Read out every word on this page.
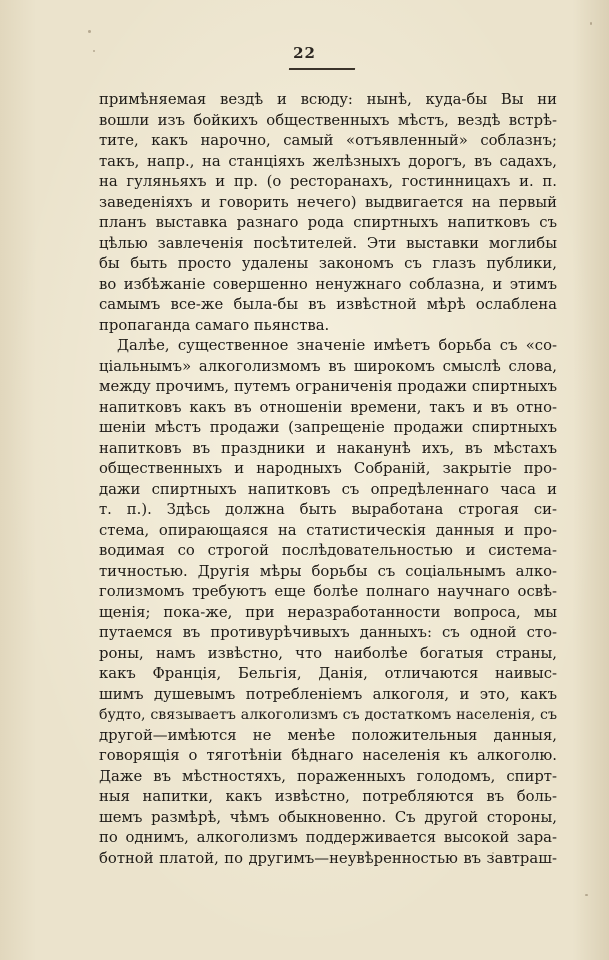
22
примѣняемая вездѣ и всюду: нынѣ, куда-бы Вы ни
вошли изъ бойкихъ общественныхъ мѣстъ, вездѣ встрѣ-
тите, какъ нарочно, самый «отъявленный» соблазнъ;
такъ, напр., на станціяхъ желѣзныхъ дорогъ, въ садахъ,
на гуляньяхъ и пр. (о ресторанахъ, гостинницахъ и. п.
заведеніяхъ и говорить нечего) выдвигается на первый
планъ выставка разнаго рода спиртныхъ напитковъ съ
цѣлью завлеченія посѣтителей. Эти выставки моглибы
бы быть просто удалены закономъ съ глазъ публики,
во избѣжаніе совершенно ненужнаго соблазна, и этимъ
самымъ все-же была-бы въ извѣстной мѣрѣ ослаблена
пропаганда самаго пьянства.
Далѣе, существенное значеніе имѣетъ борьба съ «со-
ціальнымъ» алкоголизмомъ въ широкомъ смыслѣ слова,
между прочимъ, путемъ ограниченія продажи спиртныхъ
напитковъ какъ въ отношеніи времени, такъ и въ отно-
шеніи мѣстъ продажи (запрещеніе продажи спиртныхъ
напитковъ въ праздники и наканунѣ ихъ, въ мѣстахъ
общественныхъ и народныхъ Собраній, закрытіе про-
дажи спиртныхъ напитковъ съ опредѣленнаго часа и
т. п.). Здѣсь должна быть выработана строгая си-
стема, опирающаяся на статистическія данныя и про-
водимая со строгой послѣдовательностью и система-
тичностью. Другія мѣры борьбы съ соціальнымъ алко-
голизмомъ требуютъ еще болѣе полнаго научнаго освѣ-
щенія; пока-же, при неразработанности вопроса, мы
путаемся въ противурѣчивыхъ данныхъ: съ одной сто-
роны, намъ извѣстно, что наиболѣе богатыя страны,
какъ Франція, Бельгія, Данія, отличаются наивыс-
шимъ душевымъ потребленіемъ алкоголя, и это, какъ
будто, связываетъ алкоголизмъ съ достаткомъ населенія, съ
другой—имѣются не менѣе положительныя данныя,
говорящія о тяготѣніи бѣднаго населенія къ алкоголю.
Даже въ мѣстностяхъ, пораженныхъ голодомъ, спирт-
ныя напитки, какъ извѣстно, потребляются въ боль-
шемъ размѣрѣ, чѣмъ обыкновенно. Съ другой стороны,
по однимъ, алкоголизмъ поддерживается высокой зара-
ботной платой, по другимъ—неувѣренностью въ завтраш-
